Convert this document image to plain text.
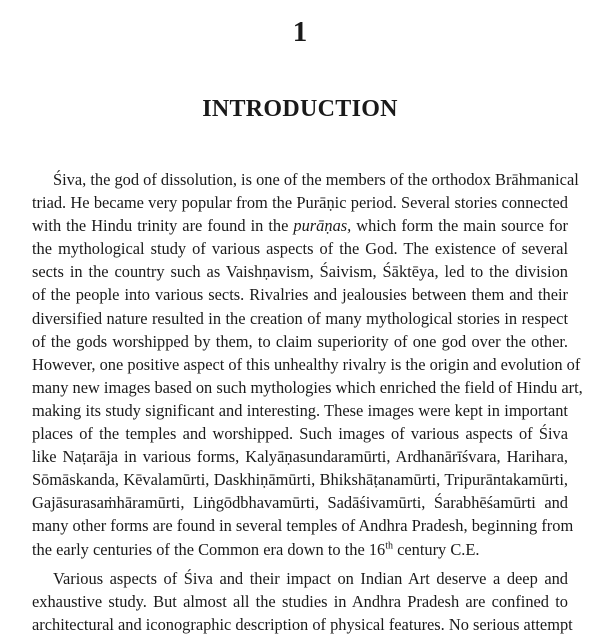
1
INTRODUCTION
Śiva, the god of dissolution, is one of the members of the orthodox Brāhmanical
triad. He became very popular from the Purāṇic period. Several stories connected
with the Hindu trinity are found in the purāṇas, which form the main source for
the mythological study of various aspects of the God. The existence of several
sects in the country such as Vaishṇavism, Śaivism, Śāktēya, led to the division
of the people into various sects. Rivalries and jealousies between them and their
diversified nature resulted in the creation of many mythological stories in respect
of the gods worshipped by them, to claim superiority of one god over the other.
However, one positive aspect of this unhealthy rivalry is the origin and evolution of
many new images based on such mythologies which enriched the field of Hindu art,
making its study significant and interesting. These images were kept in important
places of the temples and worshipped. Such images of various aspects of Śiva
like Naṭarāja in various forms, Kalyāṇasundaramūrti, Ardhanārīśvara, Harihara,
Sōmāskanda, Kēvalamūrti, Daskhiṇāmūrti, Bhikshāṭanamūrti, Tripurāntakamūrti,
Gajāsurasaṁhāramūrti, Liṅgōdbhavamūrti, Sadāśivamūrti, Śarabhēśamūrti and
many other forms are found in several temples of Andhra Pradesh, beginning from
the early centuries of the Common era down to the 16th century C.E.
Various aspects of Śiva and their impact on Indian Art deserve a deep and
exhaustive study. But almost all the studies in Andhra Pradesh are confined to
architectural and iconographic description of physical features. No serious attempt
